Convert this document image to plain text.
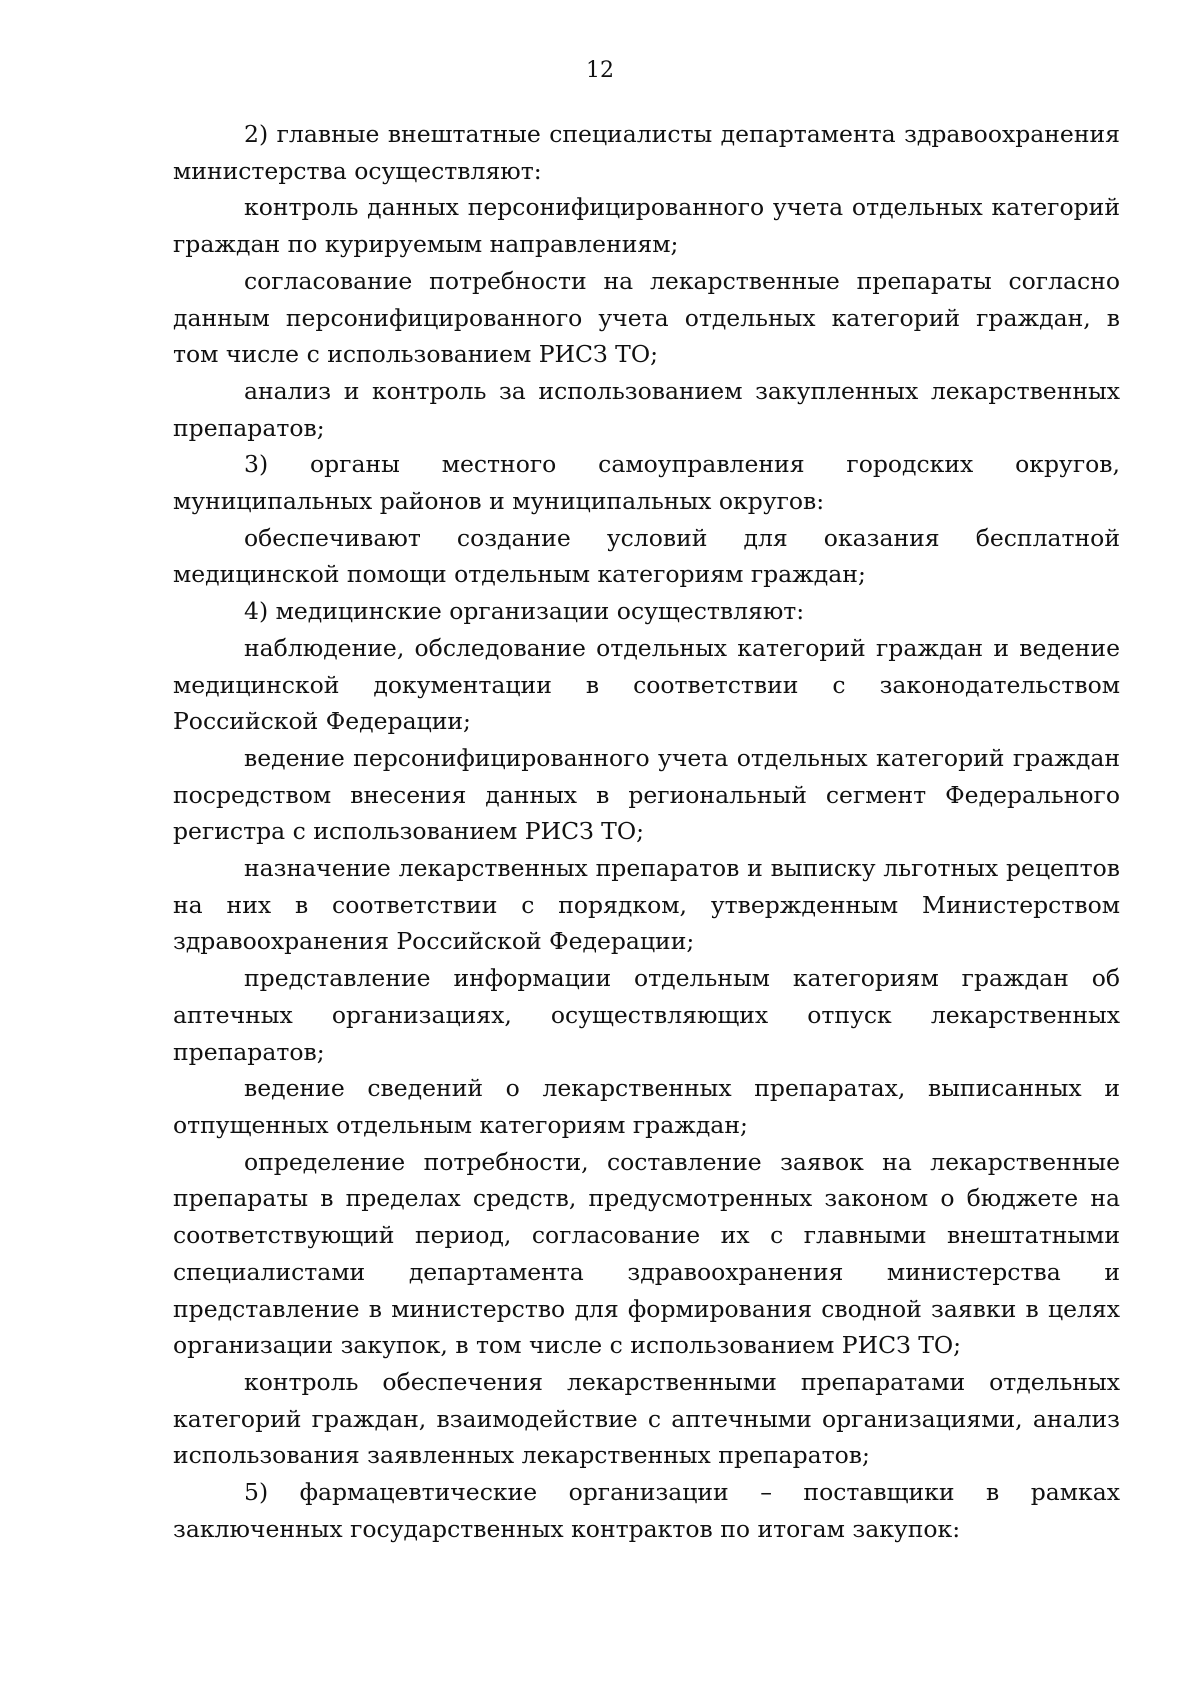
12

2) главные внештатные специалисты департамента здравоохранения министерства осуществляют:

контроль данных персонифицированного учета отдельных категорий граждан по курируемым направлениям;

согласование потребности на лекарственные препараты согласно данным персонифицированного учета отдельных категорий граждан, в том числе с использованием РИСЗ ТО;

анализ и контроль за использованием закупленных лекарственных препаратов;

3) органы местного самоуправления городских округов, муниципальных районов и муниципальных округов:

обеспечивают создание условий для оказания бесплатной медицинской помощи отдельным категориям граждан;

4) медицинские организации осуществляют:

наблюдение, обследование отдельных категорий граждан и ведение медицинской документации в соответствии с законодательством Российской Федерации;

ведение персонифицированного учета отдельных категорий граждан посредством внесения данных в региональный сегмент Федерального регистра с использованием РИСЗ ТО;

назначение лекарственных препаратов и выписку льготных рецептов на них в соответствии с порядком, утвержденным Министерством здравоохранения Российской Федерации;

представление информации отдельным категориям граждан об аптечных организациях, осуществляющих отпуск лекарственных препаратов;

ведение сведений о лекарственных препаратах, выписанных и отпущенных отдельным категориям граждан;

определение потребности, составление заявок на лекарственные препараты в пределах средств, предусмотренных законом о бюджете на соответствующий период, согласование их с главными внештатными специалистами департамента здравоохранения министерства и представление в министерство для формирования сводной заявки в целях организации закупок, в том числе с использованием РИСЗ ТО;

контроль обеспечения лекарственными препаратами отдельных категорий граждан, взаимодействие с аптечными организациями, анализ использования заявленных лекарственных препаратов;

5) фармацевтические организации – поставщики в рамках заключенных государственных контрактов по итогам закупок:
